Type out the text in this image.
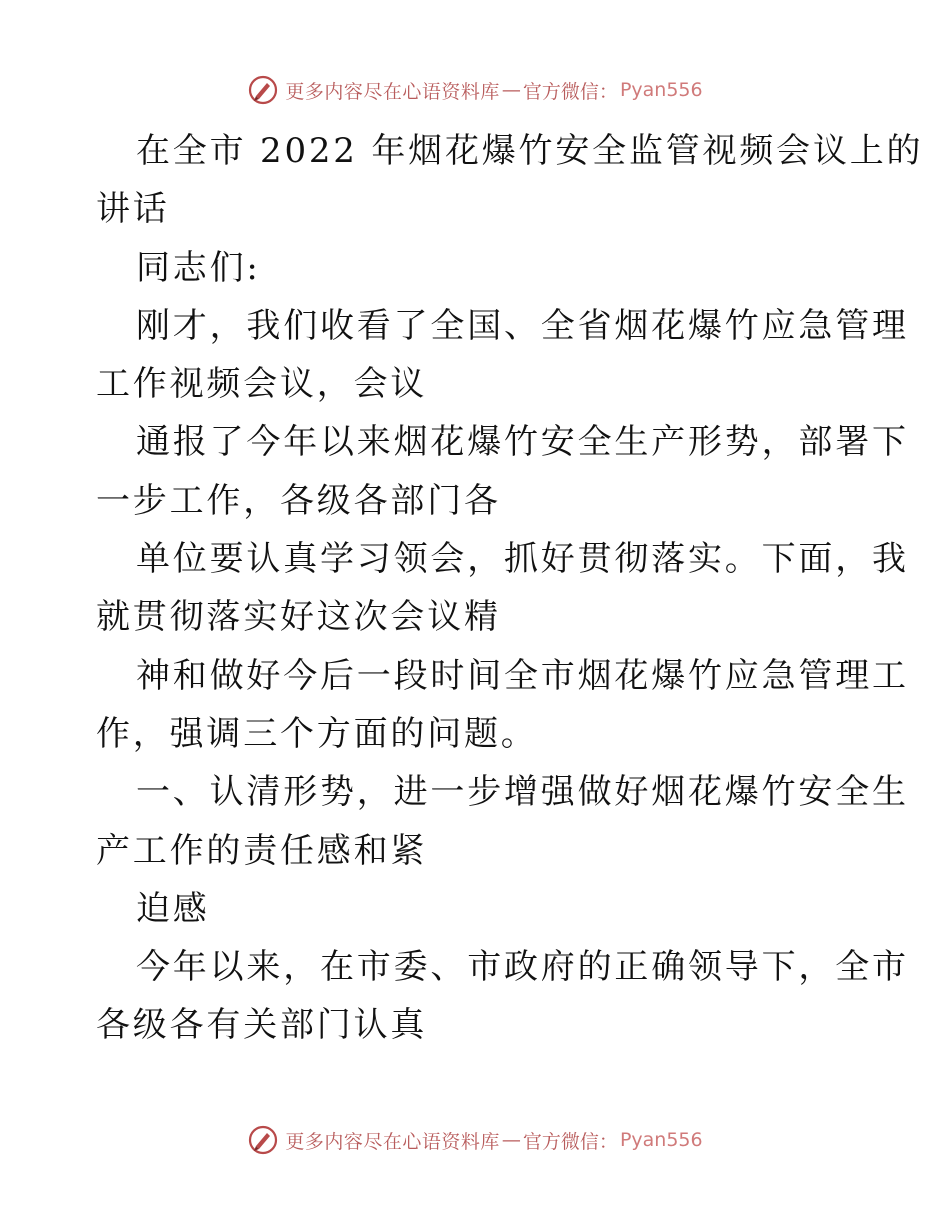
更多内容尽在心语资料库 — 官方微信： Pyan556
在全市 2022 年烟花爆竹安全监管视频会议上的
讲话
同志们:
刚才，我们收看了全国、全省烟花爆竹应急管理
工作视频会议，会议
通报了今年以来烟花爆竹安全生产形势，部署下
一步工作，各级各部门各
单位要认真学习领会，抓好贯彻落实。下面，我
就贯彻落实好这次会议精
神和做好今后一段时间全市烟花爆竹应急管理工
作，强调三个方面的问题。
一、认清形势，进一步增强做好烟花爆竹安全生
产工作的责任感和紧
迫感
今年以来，在市委、市政府的正确领导下，全市
各级各有关部门认真
更多内容尽在心语资料库 — 官方微信： Pyan556
